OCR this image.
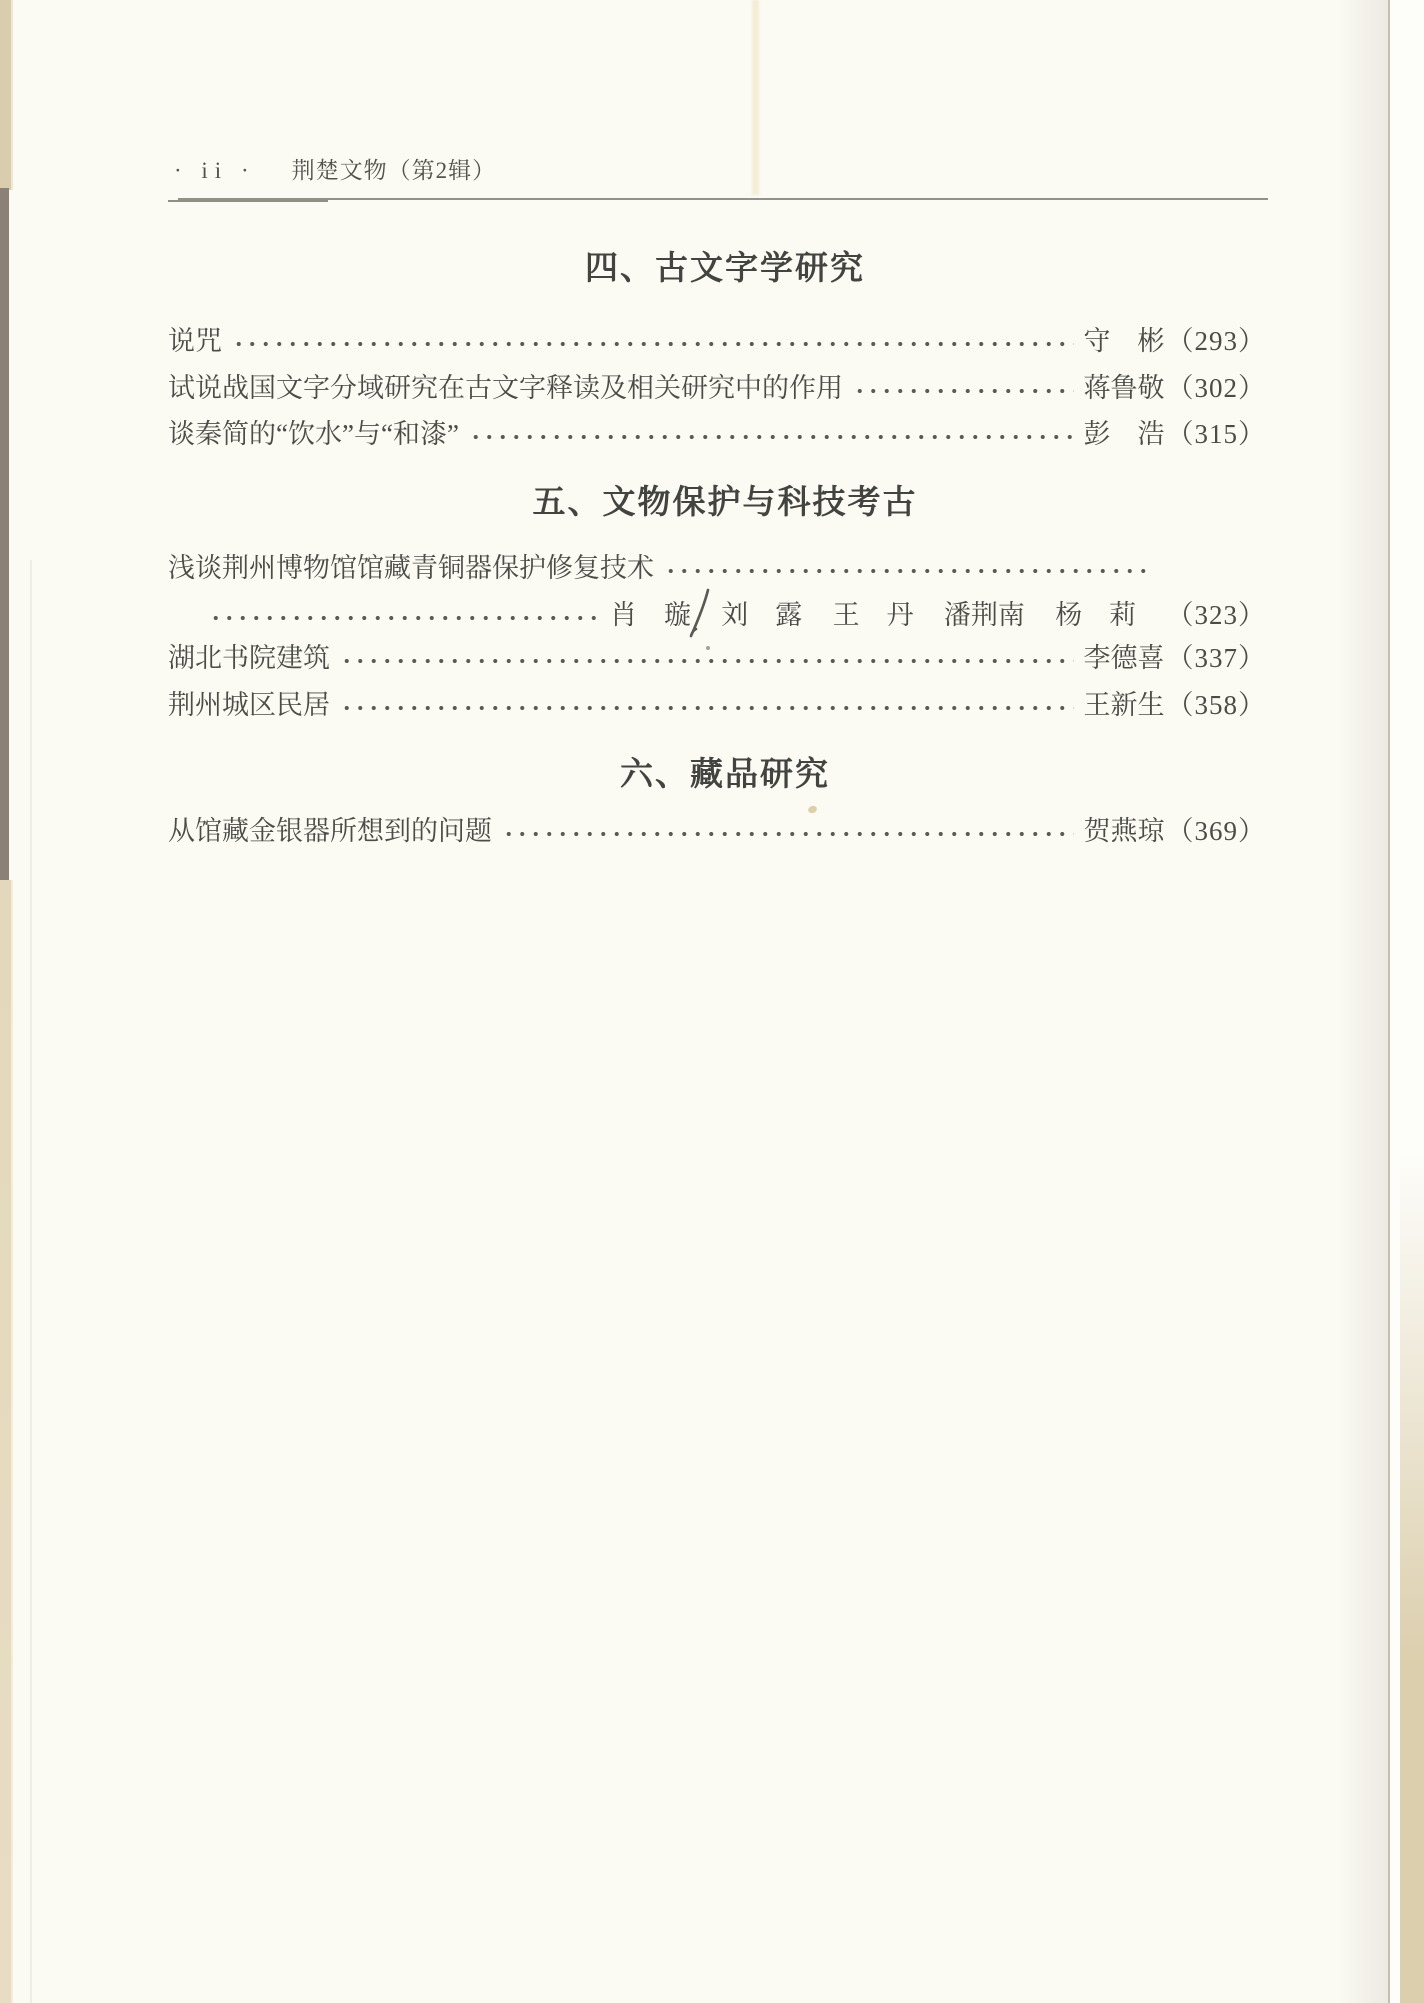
· ii · 荆楚文物（第2辑）
四、古文字学研究
说咒	守　彬 （293）
试说战国文字分域研究在古文字释读及相关研究中的作用	蒋鲁敬 （302）
谈秦简的“饮水”与“和漆”	彭　浩 （315）
五、文物保护与科技考古
浅谈荆州博物馆馆藏青铜器保护修复技术
肖　璇 刘　露 王　丹 潘荆南 杨　莉 （323）
湖北书院建筑	李德喜 （337）
荆州城区民居	王新生 （358）
六、藏品研究
从馆藏金银器所想到的问题	贺燕琼 （369）
